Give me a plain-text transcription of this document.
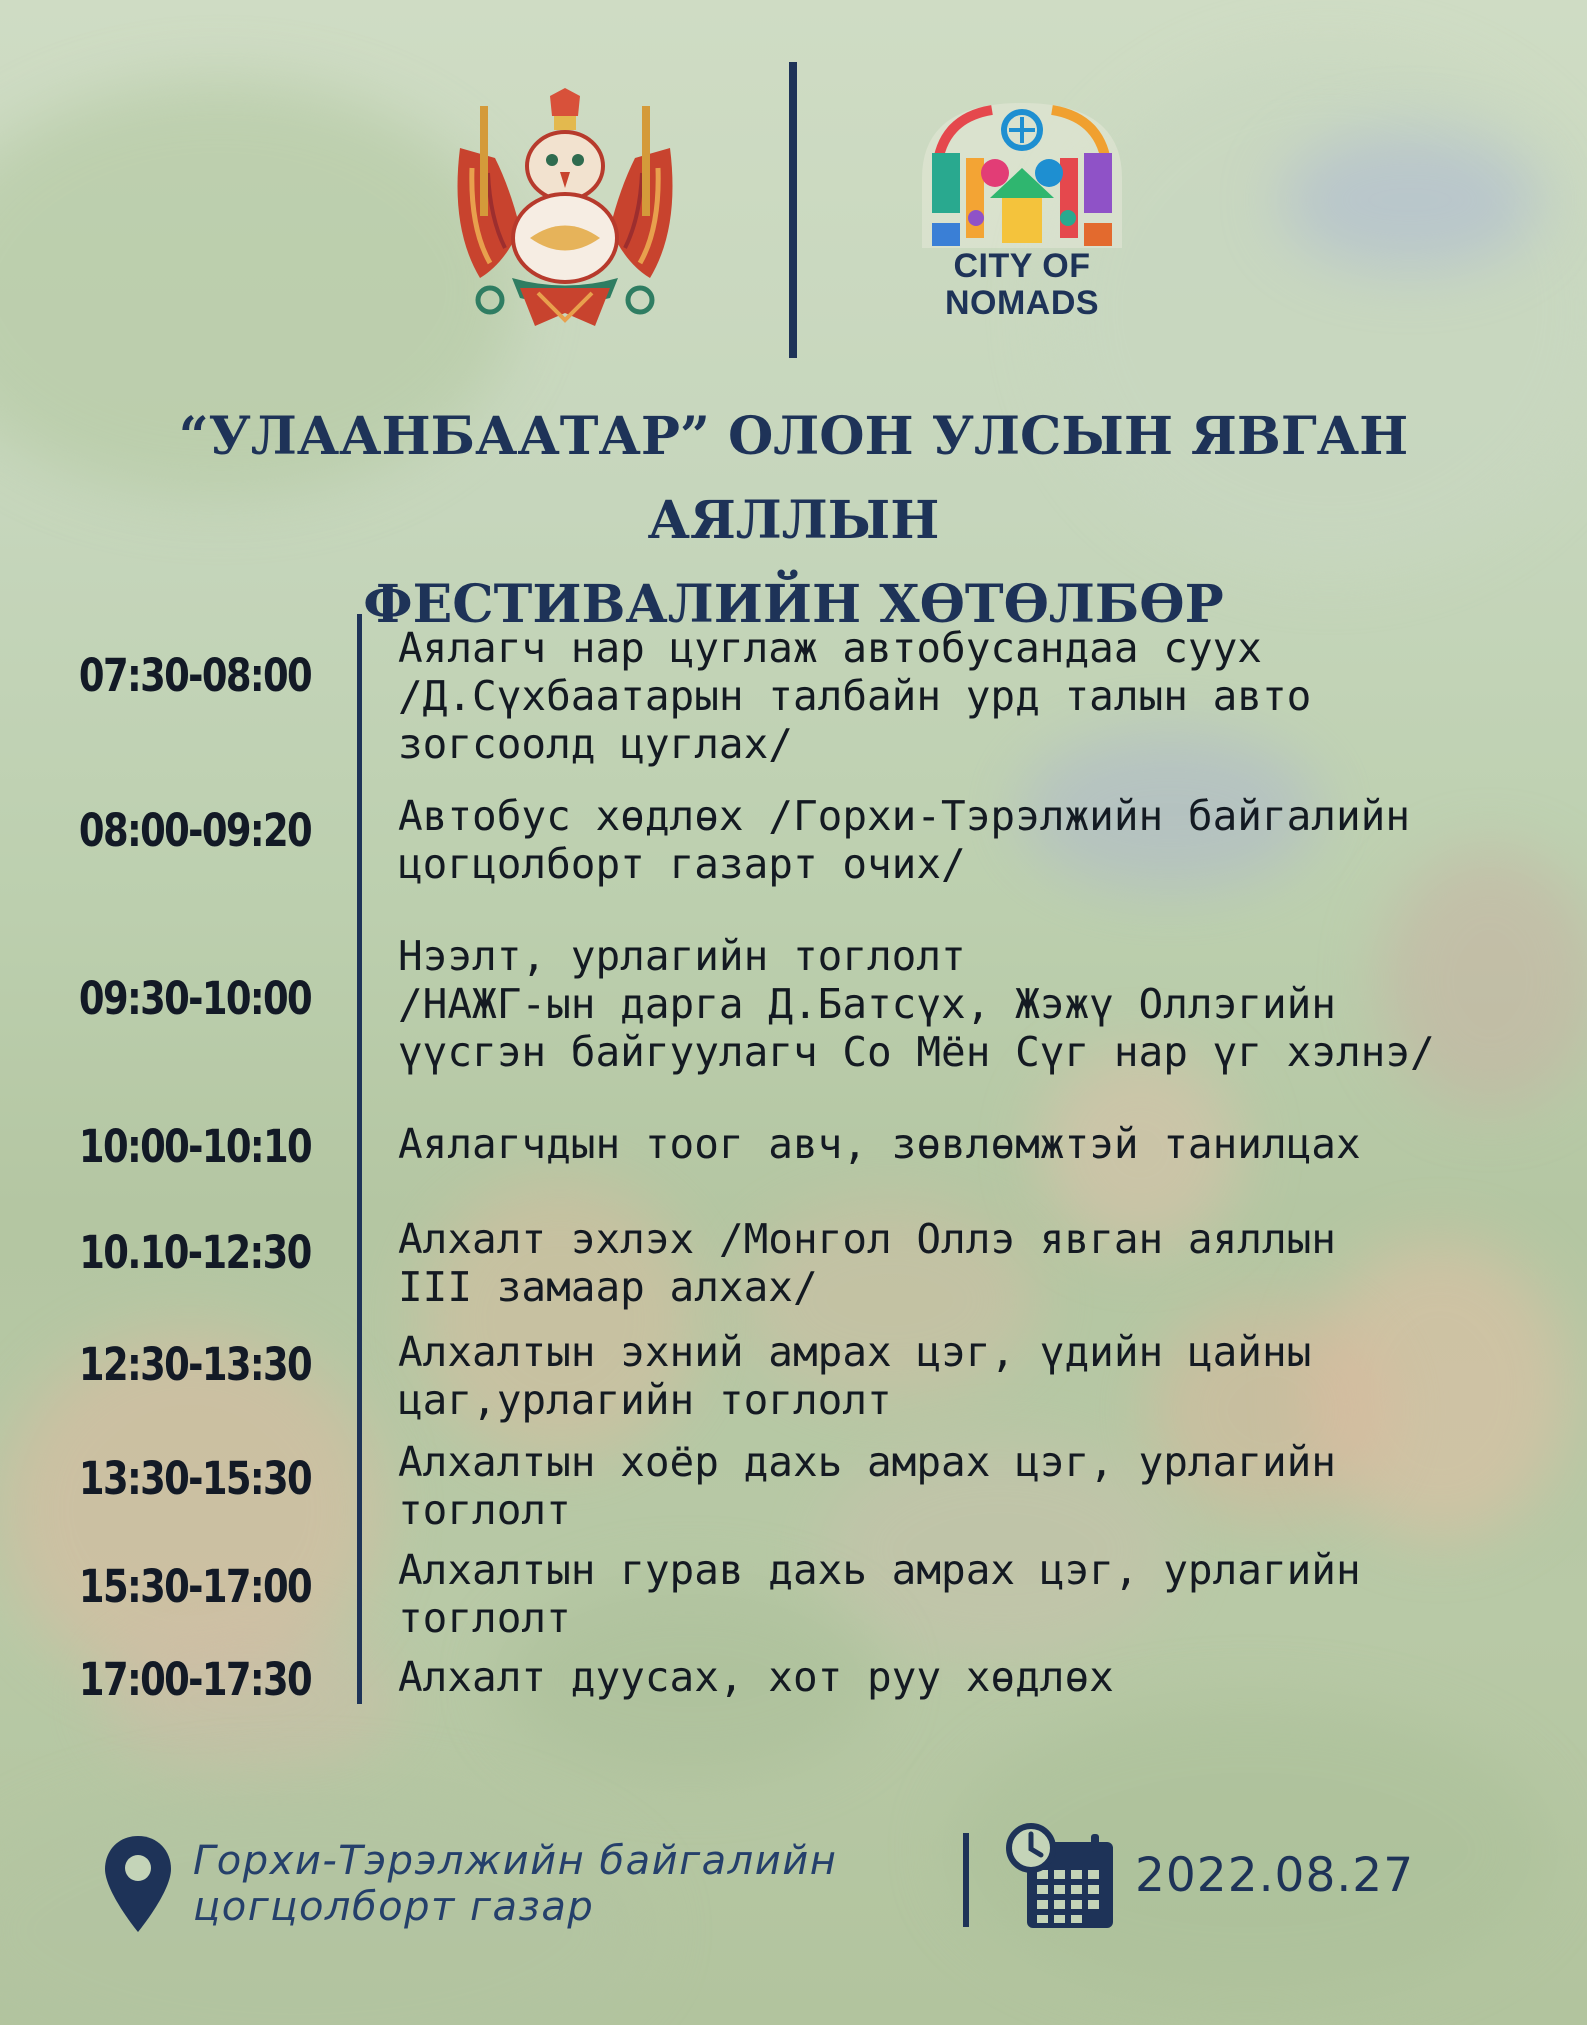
CITY OF
NOMADS
“УЛААНБААТАР” ОЛОН УЛСЫН ЯВГАН АЯЛЛЫН
ФЕСТИВАЛИЙН ХӨТӨЛБӨР
07:30-08:00
Аялагч нар цуглаж автобусандаа суух
/Д.Сүхбаатарын талбайн урд талын авто
зогсоолд цуглах/
08:00-09:20 Автобус хөдлөх /Горхи-Тэрэлжийн байгалийн
цогцолборт газарт очих/
09:30-10:00
Нээлт, урлагийн тоглолт
/НАЖГ-ын дарга Д.Батсүх, Жэжү Оллэгийн
үүсгэн байгуулагч Со Мён Сүг нар үг хэлнэ/
10:00-10:10 Аялагчдын тоог авч, зөвлөмжтэй танилцах
10.10-12:30 Алхалт эхлэх /Монгол Оллэ явган аяллын
III замаар алхах/
12:30-13:30 Алхалтын эхний амрах цэг, үдийн цайны
цаг,урлагийн тоглолт
13:30-15:30 Алхалтын хоёр дахь амрах цэг, урлагийн
тоглолт
15:30-17:00 Алхалтын гурав дахь амрах цэг, урлагийн
тоглолт
17:00-17:30 Алхалт дуусах, хот руу хөдлөх
Горхи-Тэрэлжийн байгалийн
цогцолборт газар
2022.08.27
